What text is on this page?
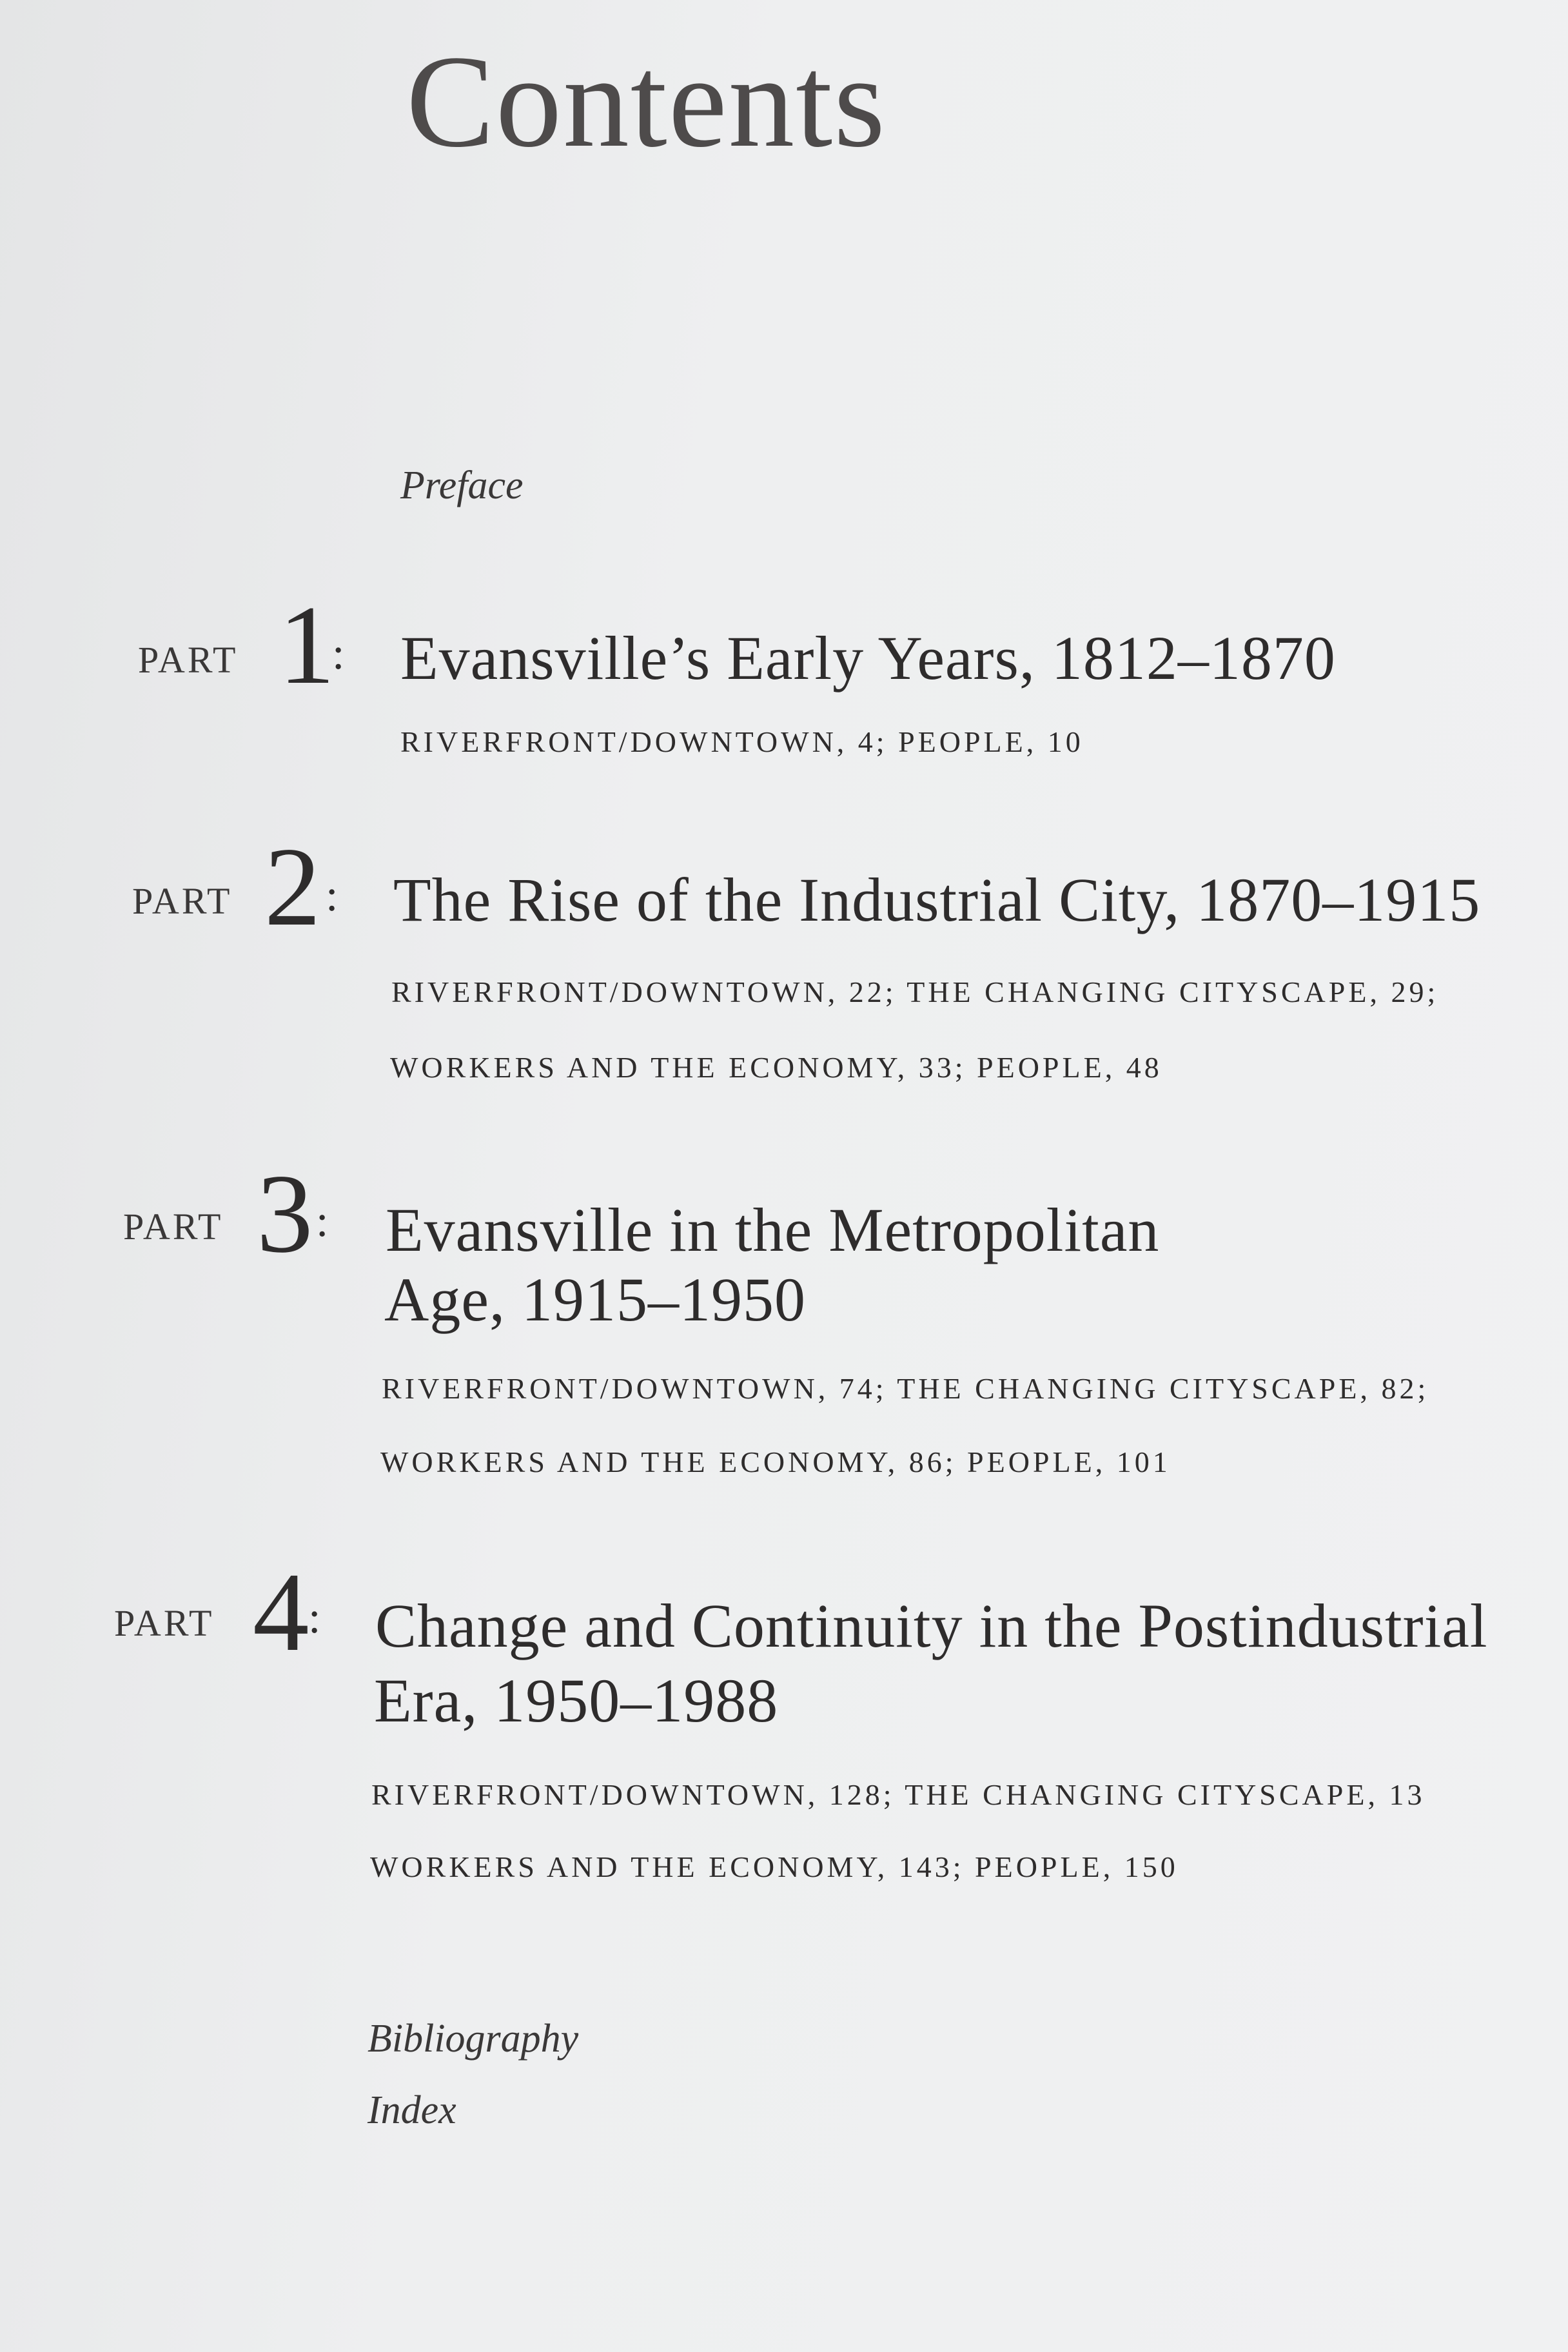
Contents
Preface
PART 1
: Evansville’s Early Years, 1812–1870
RIVERFRONT/DOWNTOWN, 4; PEOPLE, 10
PART 2 : The Rise of the Industrial City, 1870–1915
RIVERFRONT/DOWNTOWN, 22; THE CHANGING CITYSCAPE, 29;
WORKERS AND THE ECONOMY, 33; PEOPLE, 48
PART 3 : Evansville in the Metropolitan
Age, 1915–1950
RIVERFRONT/DOWNTOWN, 74; THE CHANGING CITYSCAPE, 82;
WORKERS AND THE ECONOMY, 86; PEOPLE, 101
PART 4
: Change and Continuity in the Postindustrial
Era, 1950–1988
RIVERFRONT/DOWNTOWN, 128; THE CHANGING CITYSCAPE, 13
WORKERS AND THE ECONOMY, 143; PEOPLE, 150
Bibliography
Index
